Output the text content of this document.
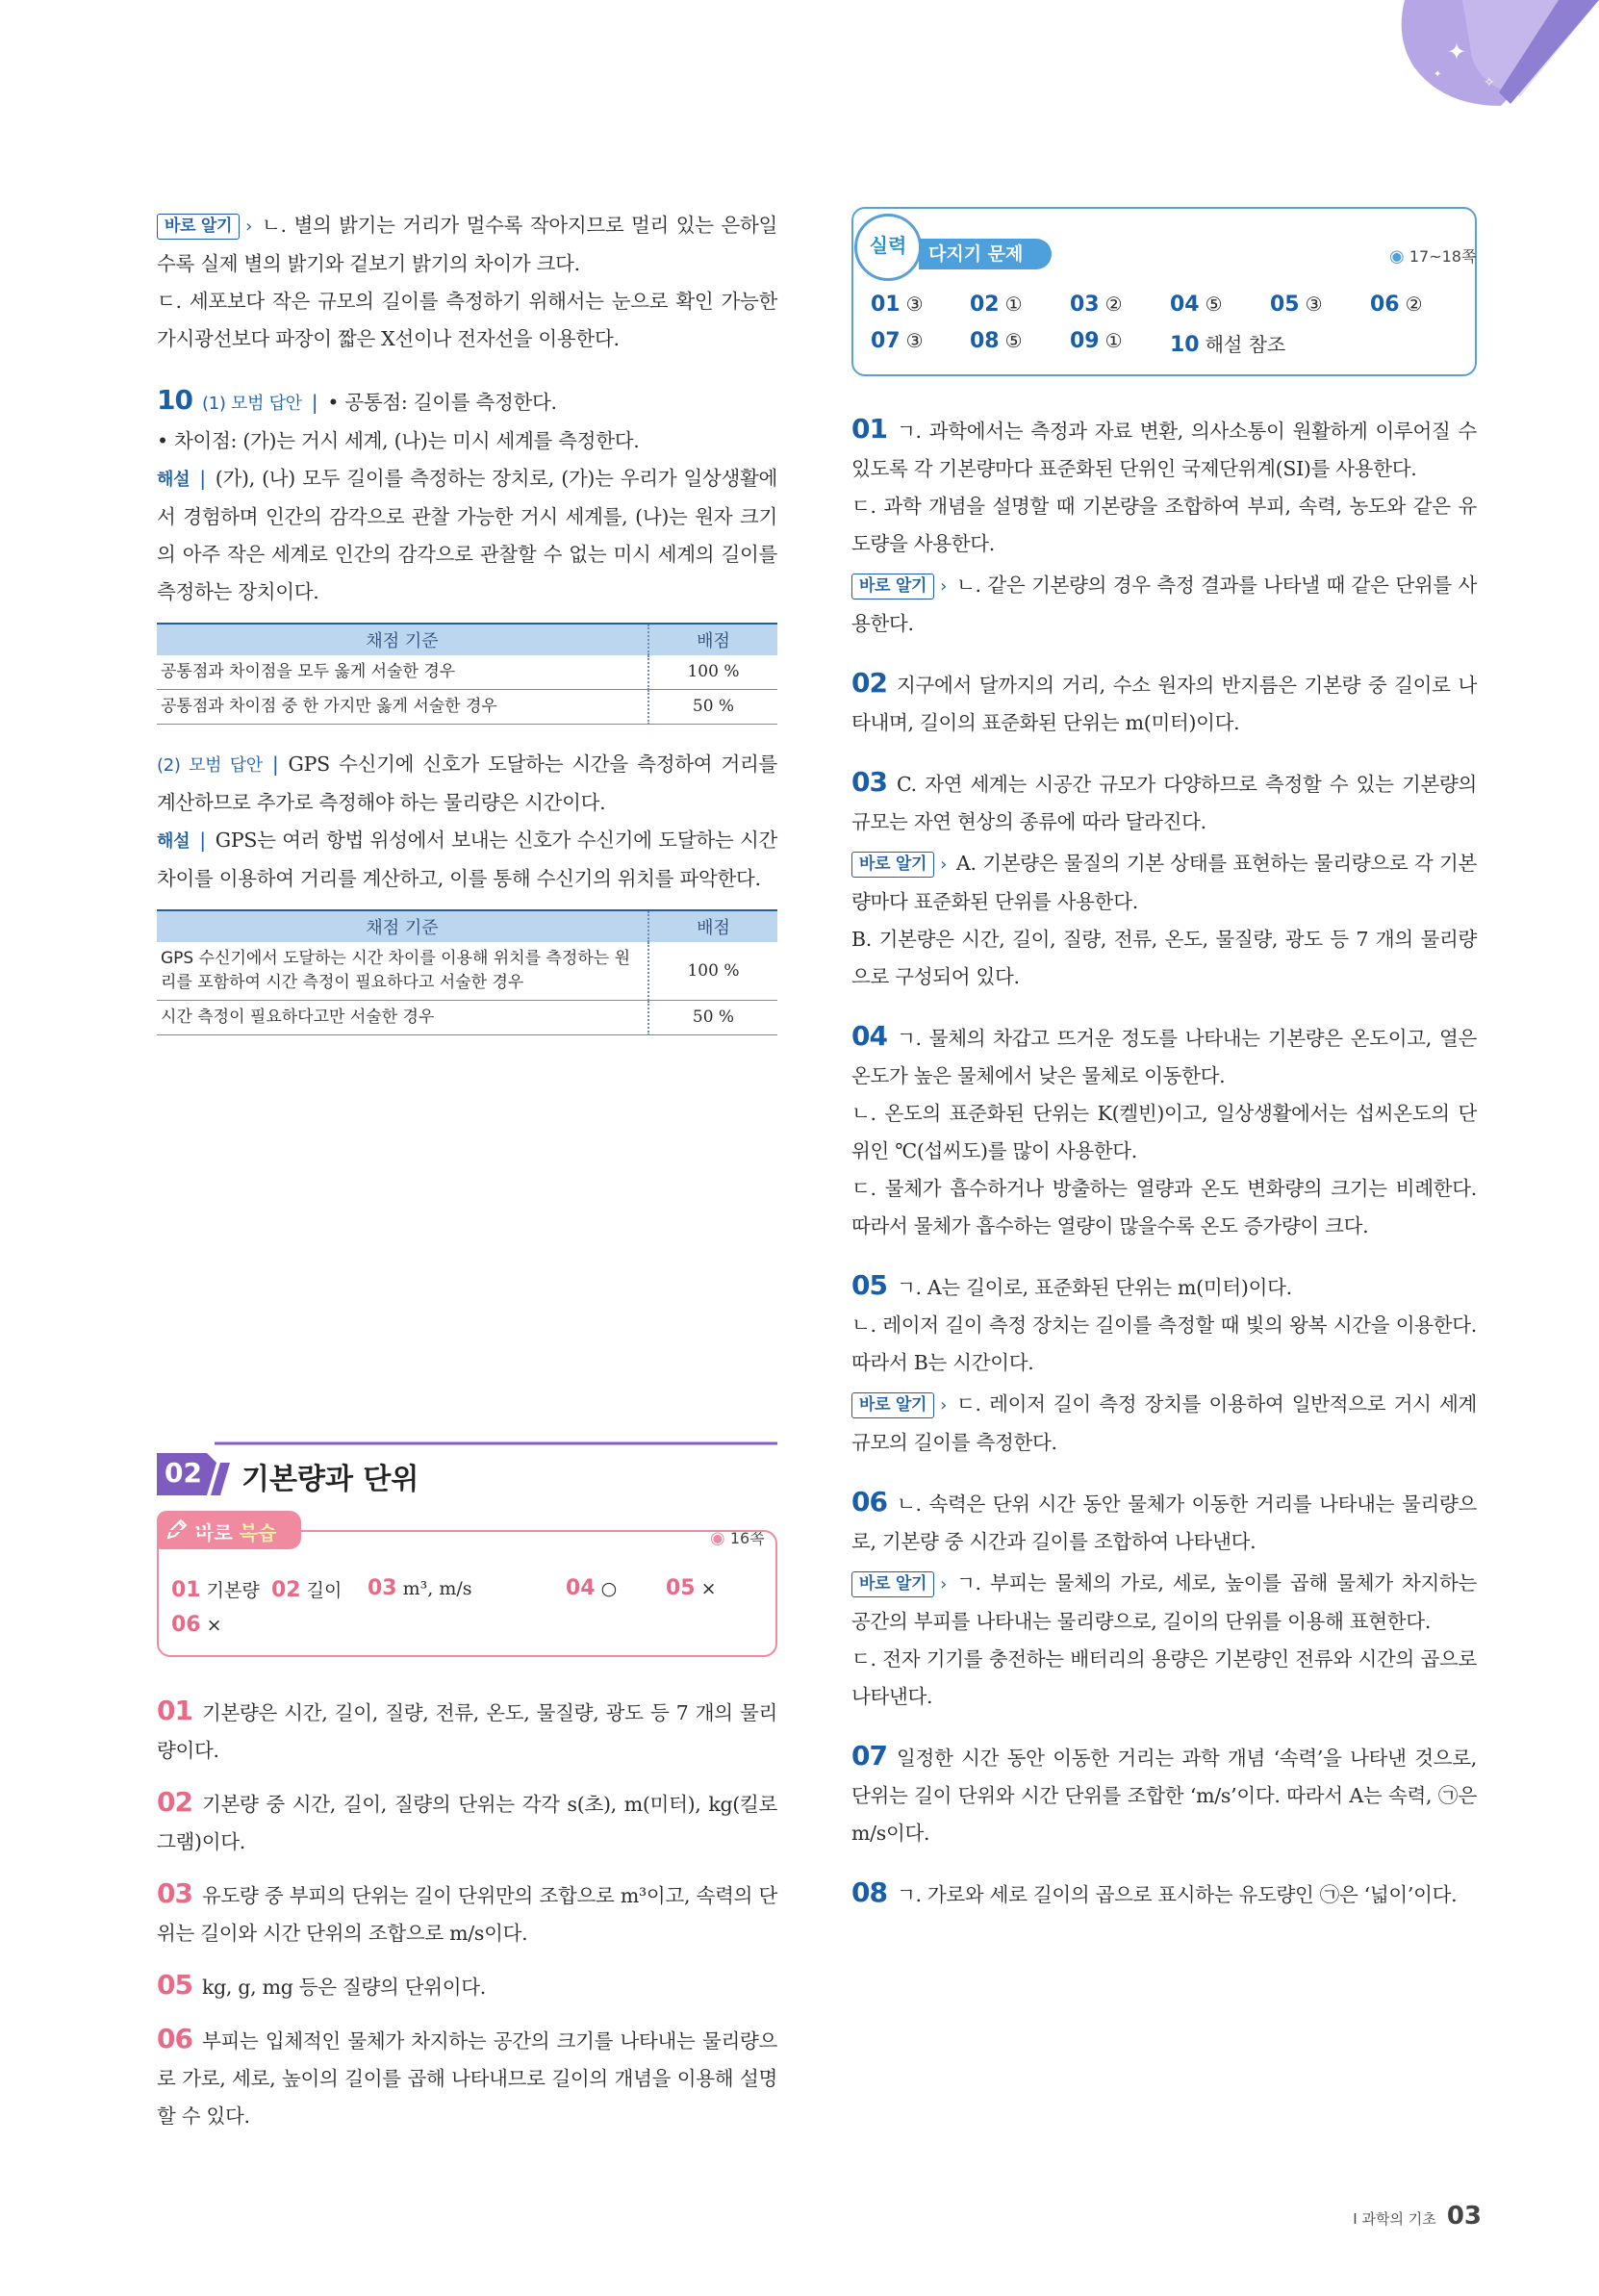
✦
✦
✧

바로 알기 › ㄴ. 별의 밝기는 거리가 멀수록 작아지므로 멀리 있는 은하일수록 실제 별의 밝기와 겉보기 밝기의 차이가 크다.

ㄷ. 세포보다 작은 규모의 길이를 측정하기 위해서는 눈으로 확인 가능한 가시광선보다 파장이 짧은 X선이나 전자선을 이용한다.

10 (1) 모범 답안 | • 공통점: 길이를 측정한다.

• 차이점: (가)는 거시 세계, (나)는 미시 세계를 측정한다.

해설 | (가), (나) 모두 길이를 측정하는 장치로, (가)는 우리가 일상생활에서 경험하며 인간의 감각으로 관찰 가능한 거시 세계를, (나)는 원자 크기의 아주 작은 세계로 인간의 감각으로 관찰할 수 없는 미시 세계의 길이를 측정하는 장치이다.

채점 기준	배점
공통점과 차이점을 모두 옳게 서술한 경우	100 %
공통점과 차이점 중 한 가지만 옳게 서술한 경우	50 %

(2) 모범 답안 | GPS 수신기에 신호가 도달하는 시간을 측정하여 거리를 계산하므로 추가로 측정해야 하는 물리량은 시간이다.

해설 | GPS는 여러 항법 위성에서 보내는 신호가 수신기에 도달하는 시간 차이를 이용하여 거리를 계산하고, 이를 통해 수신기의 위치를 파악한다.

채점 기준	배점
GPS 수신기에서 도달하는 시간 차이를 이용해 위치를 측정하는 원리를 포함하여 시간 측정이 필요하다고 서술한 경우	100 %
시간 측정이 필요하다고만 서술한 경우	50 %
02 기본량과 단위
바로 복습	◉ 16쪽
01 기본량 02 길이 03 m³, m/s	04 ○ 05 ×
06 ×

01 기본량은 시간, 길이, 질량, 전류, 온도, 물질량, 광도 등 7 개의 물리량이다.

02 기본량 중 시간, 길이, 질량의 단위는 각각 s(초), m(미터), kg(킬로그램)이다.

03 유도량 중 부피의 단위는 길이 단위만의 조합으로 m³이고, 속력의 단위는 길이와 시간 단위의 조합으로 m/s이다.

05 kg, g, mg 등은 질량의 단위이다.

06 부피는 입체적인 물체가 차지하는 공간의 크기를 나타내는 물리량으로 가로, 세로, 높이의 길이를 곱해 나타내므로 길이의 개념을 이용해 설명할 수 있다.

실력	다지기 문제	◉ 17~18쪽
01 ③ 02 ① 03 ② 04 ⑤ 05 ③ 06 ②
07 ③ 08 ⑤ 09 ① 10 해설 참조

01 ㄱ. 과학에서는 측정과 자료 변환, 의사소통이 원활하게 이루어질 수 있도록 각 기본량마다 표준화된 단위인 국제단위계(SI)를 사용한다.

ㄷ. 과학 개념을 설명할 때 기본량을 조합하여 부피, 속력, 농도와 같은 유도량을 사용한다.

바로 알기 › ㄴ. 같은 기본량의 경우 측정 결과를 나타낼 때 같은 단위를 사용한다.

02 지구에서 달까지의 거리, 수소 원자의 반지름은 기본량 중 길이로 나타내며, 길이의 표준화된 단위는 m(미터)이다.

03 C. 자연 세계는 시공간 규모가 다양하므로 측정할 수 있는 기본량의 규모는 자연 현상의 종류에 따라 달라진다.

바로 알기 › A. 기본량은 물질의 기본 상태를 표현하는 물리량으로 각 기본량마다 표준화된 단위를 사용한다.

B. 기본량은 시간, 길이, 질량, 전류, 온도, 물질량, 광도 등 7 개의 물리량으로 구성되어 있다.

04 ㄱ. 물체의 차갑고 뜨거운 정도를 나타내는 기본량은 온도이고, 열은 온도가 높은 물체에서 낮은 물체로 이동한다.

ㄴ. 온도의 표준화된 단위는 K(켈빈)이고, 일상생활에서는 섭씨온도의 단위인 ℃(섭씨도)를 많이 사용한다.

ㄷ. 물체가 흡수하거나 방출하는 열량과 온도 변화량의 크기는 비례한다. 따라서 물체가 흡수하는 열량이 많을수록 온도 증가량이 크다.

05 ㄱ. A는 길이로, 표준화된 단위는 m(미터)이다.

ㄴ. 레이저 길이 측정 장치는 길이를 측정할 때 빛의 왕복 시간을 이용한다. 따라서 B는 시간이다.

바로 알기 › ㄷ. 레이저 길이 측정 장치를 이용하여 일반적으로 거시 세계 규모의 길이를 측정한다.

06 ㄴ. 속력은 단위 시간 동안 물체가 이동한 거리를 나타내는 물리량으로, 기본량 중 시간과 길이를 조합하여 나타낸다.

바로 알기 › ㄱ. 부피는 물체의 가로, 세로, 높이를 곱해 물체가 차지하는 공간의 부피를 나타내는 물리량으로, 길이의 단위를 이용해 표현한다.

ㄷ. 전자 기기를 충전하는 배터리의 용량은 기본량인 전류와 시간의 곱으로 나타낸다.

07 일정한 시간 동안 이동한 거리는 과학 개념 ‘속력’을 나타낸 것으로, 단위는 길이 단위와 시간 단위를 조합한 ‘m/s’이다. 따라서 A는 속력, ㉠은 m/s이다.

08 ㄱ. 가로와 세로 길이의 곱으로 표시하는 유도량인 ㉠은 ‘넓이’이다.

Ⅰ 과학의 기초 03
